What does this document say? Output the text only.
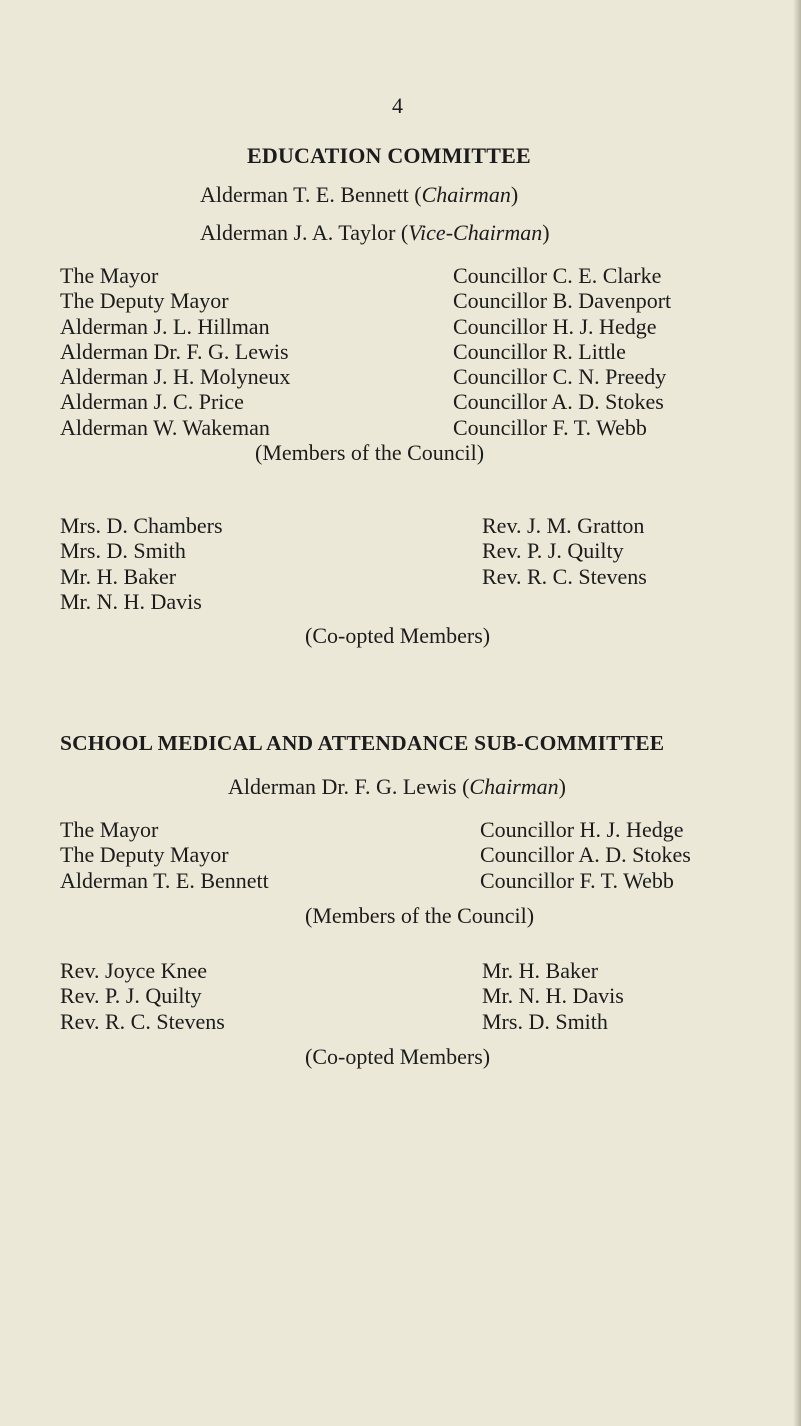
4
EDUCATION COMMITTEE
Alderman T. E. Bennett (Chairman)
Alderman J. A. Taylor (Vice-Chairman)
The Mayor
The Deputy Mayor
Alderman J. L. Hillman
Alderman Dr. F. G. Lewis
Alderman J. H. Molyneux
Alderman J. C. Price
Alderman W. Wakeman
Councillor C. E. Clarke
Councillor B. Davenport
Councillor H. J. Hedge
Councillor R. Little
Councillor C. N. Preedy
Councillor A. D. Stokes
Councillor F. T. Webb
(Members of the Council)
Mrs. D. Chambers
Mrs. D. Smith
Mr. H. Baker
Mr. N. H. Davis
Rev. J. M. Gratton
Rev. P. J. Quilty
Rev. R. C. Stevens
(Co-opted Members)
SCHOOL MEDICAL AND ATTENDANCE SUB-COMMITTEE
Alderman Dr. F. G. Lewis (Chairman)
The Mayor
The Deputy Mayor
Alderman T. E. Bennett
Councillor H. J. Hedge
Councillor A. D. Stokes
Councillor F. T. Webb
(Members of the Council)
Rev. Joyce Knee
Rev. P. J. Quilty
Rev. R. C. Stevens
Mr. H. Baker
Mr. N. H. Davis
Mrs. D. Smith
(Co-opted Members)
